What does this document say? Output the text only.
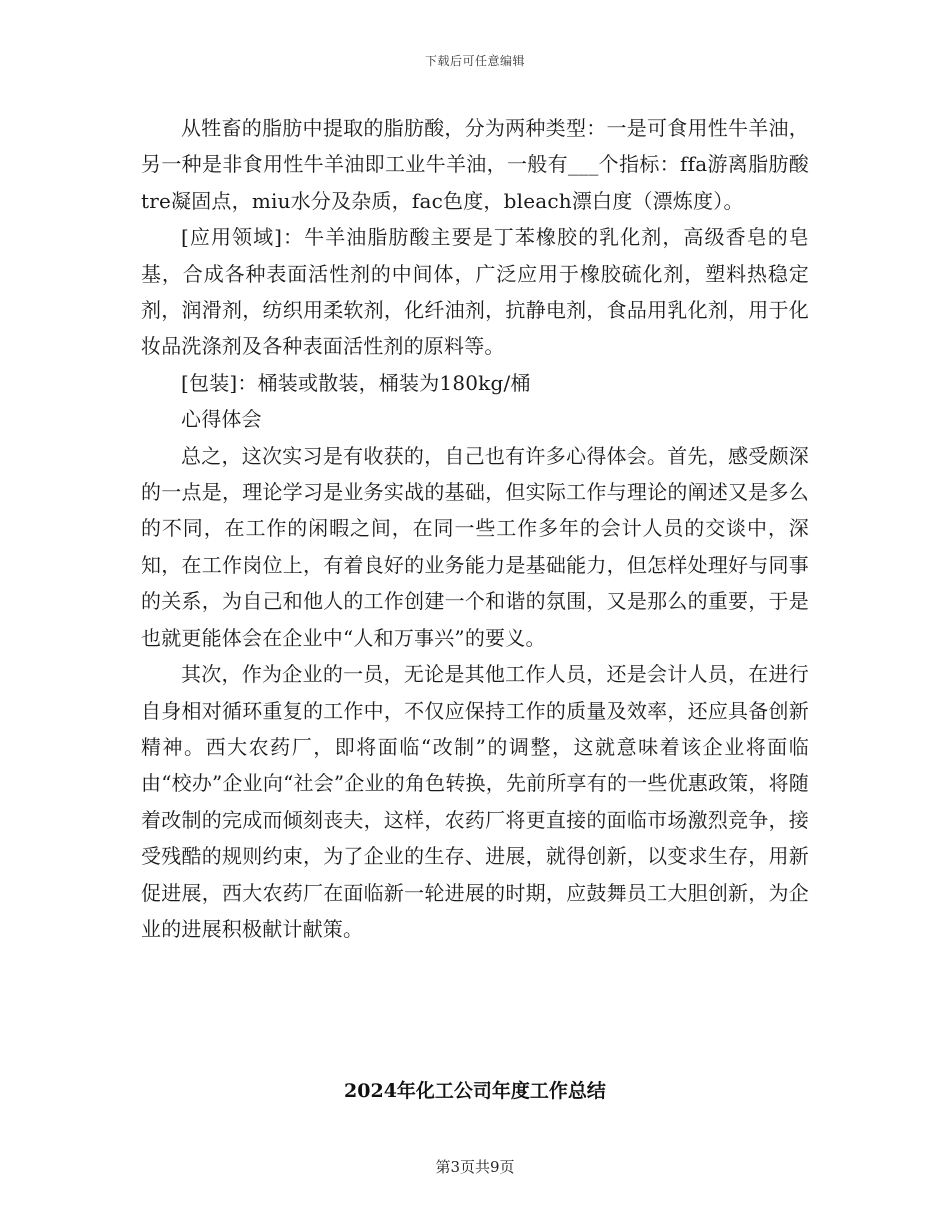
下载后可任意编辑

从牲畜的脂肪中提取的脂肪酸，分为两种类型：一是可食用性牛羊油，另一种是非食用性牛羊油即工业牛羊油，一般有___个指标：ffa游离脂肪酸tre凝固点，miu水分及杂质，fac色度，bleach漂白度（漂炼度）。

[应用领域]：牛羊油脂肪酸主要是丁苯橡胶的乳化剂，高级香皂的皂基，合成各种表面活性剂的中间体，广泛应用于橡胶硫化剂，塑料热稳定剂，润滑剂，纺织用柔软剂，化纤油剂，抗静电剂，食品用乳化剂，用于化妆品洗涤剂及各种表面活性剂的原料等。

[包装]：桶装或散装，桶装为180kg/桶

心得体会

总之，这次实习是有收获的，自己也有许多心得体会。首先，感受颇深的一点是，理论学习是业务实战的基础，但实际工作与理论的阐述又是多么的不同，在工作的闲暇之间，在同一些工作多年的会计人员的交谈中，深知，在工作岗位上，有着良好的业务能力是基础能力，但怎样处理好与同事的关系，为自己和他人的工作创建一个和谐的氛围，又是那么的重要，于是也就更能体会在企业中“人和万事兴”的要义。

其次，作为企业的一员，无论是其他工作人员，还是会计人员，在进行自身相对循环重复的工作中，不仅应保持工作的质量及效率，还应具备创新精神。西大农药厂，即将面临“改制”的调整，这就意味着该企业将面临由“校办”企业向“社会”企业的角色转换，先前所享有的一些优惠政策，将随着改制的完成而倾刻丧夫，这样，农药厂将更直接的面临市场激烈竞争，接受残酷的规则约束，为了企业的生存、进展，就得创新，以变求生存，用新促进展，西大农药厂在面临新一轮进展的时期，应鼓舞员工大胆创新，为企业的进展积极献计献策。

2024年化工公司年度工作总结
第3页共9页
